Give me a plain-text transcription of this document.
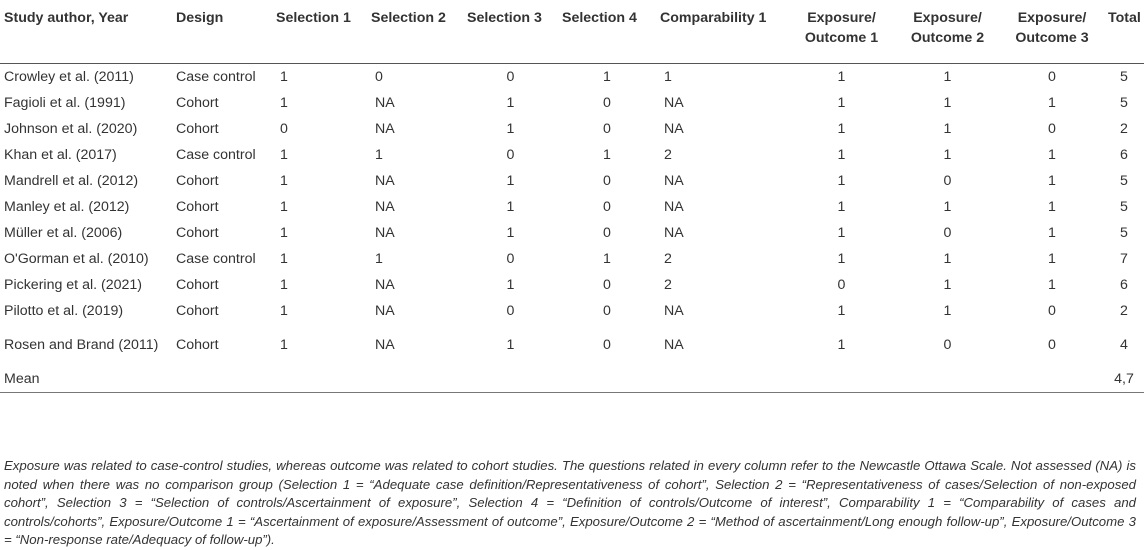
Study author, Year	Design	Selection 1	Selection 2	Selection 3	Selection 4	Comparability 1	Exposure/ Outcome 1	Exposure/ Outcome 2	Exposure/ Outcome 3	Total
Crowley et al. (2011)	Case control	1	0	0	1	1	1	1	0	5
Fagioli et al. (1991)	Cohort	1	NA	1	0	NA	1	1	1	5
Johnson et al. (2020)	Cohort	0	NA	1	0	NA	1	1	0	2
Khan et al. (2017)	Case control	1	1	0	1	2	1	1	1	6
Mandrell et al. (2012)	Cohort	1	NA	1	0	NA	1	0	1	5
Manley et al. (2012)	Cohort	1	NA	1	0	NA	1	1	1	5
Müller et al. (2006)	Cohort	1	NA	1	0	NA	1	0	1	5
O'Gorman et al. (2010)	Case control	1	1	0	1	2	1	1	1	7
Pickering et al. (2021)	Cohort	1	NA	1	0	2	0	1	1	6
Pilotto et al. (2019)	Cohort	1	NA	0	0	NA	1	1	0	2
Rosen and Brand (2011)	Cohort	1	NA	1	0	NA	1	0	0	4
Mean										4,7
Exposure was related to case-control studies, whereas outcome was related to cohort studies. The questions related in every column refer to the Newcastle Ottawa Scale. Not assessed (NA) is noted when there was no comparison group (Selection 1 = “Adequate case definition/Representativeness of cohort”, Selection 2 = “Representativeness of cases/Selection of non-exposed cohort”, Selection 3 = “Selection of controls/Ascertainment of exposure”, Selection 4 = “Definition of controls/Outcome of interest”, Comparability 1 = “Comparability of cases and controls/cohorts”, Exposure/Outcome 1 = “Ascertainment of exposure/Assessment of outcome”, Exposure/Outcome 2 = “Method of ascertainment/Long enough follow-up”, Exposure/Outcome 3 = “Non-response rate/Adequacy of follow-up”).
